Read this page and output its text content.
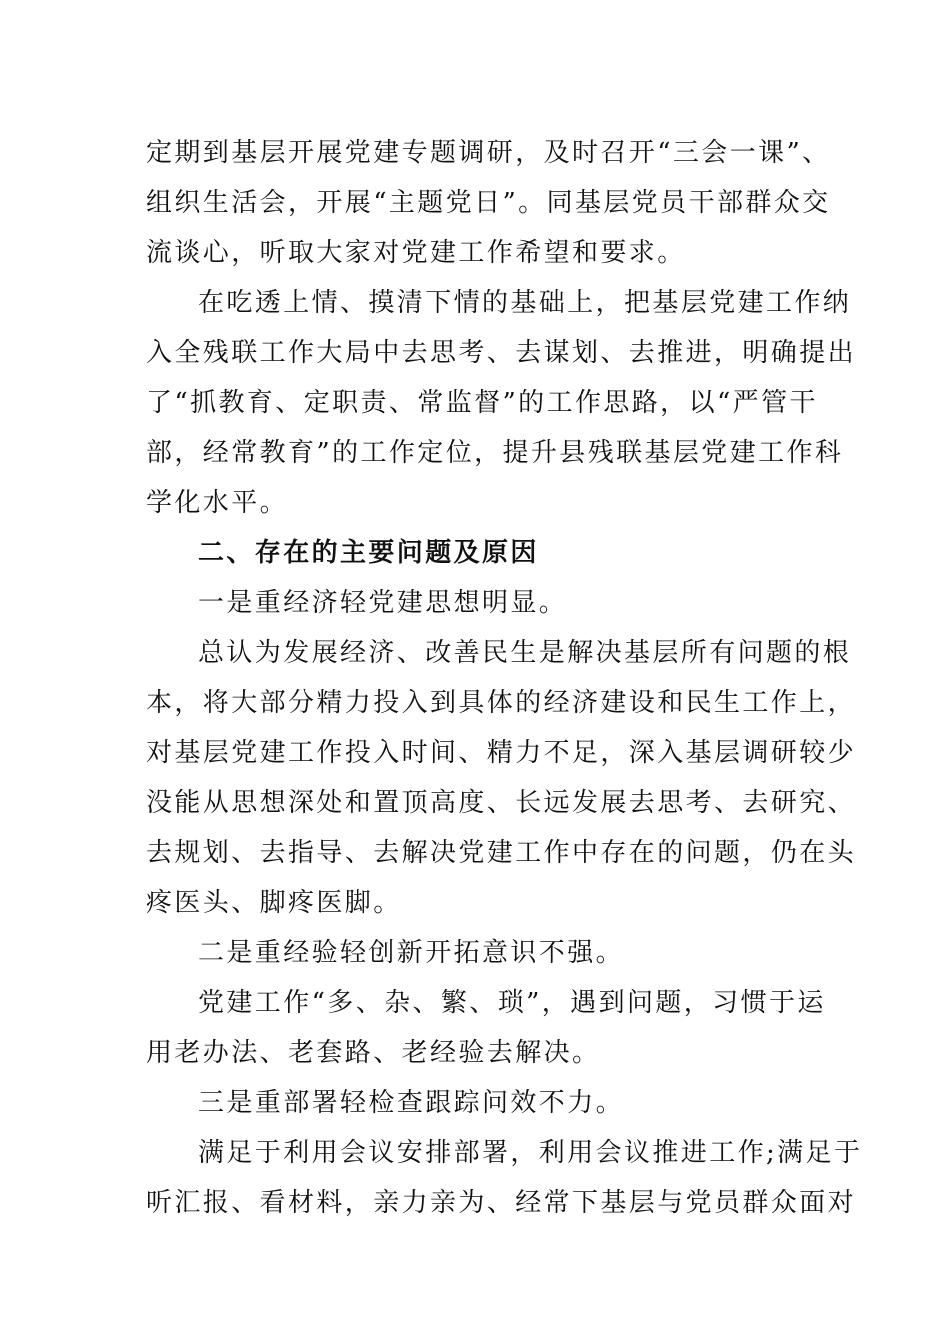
定期到基层开展党建专题调研，及时召开“三会一课”、
组织生活会，开展“主题党日”。同基层党员干部群众交
流谈心，听取大家对党建工作希望和要求。
在吃透上情、摸清下情的基础上，把基层党建工作纳
入全残联工作大局中去思考、去谋划、去推进，明确提出
了“抓教育、定职责、常监督”的工作思路，以“严管干
部，经常教育”的工作定位，提升县残联基层党建工作科
学化水平。
二、存在的主要问题及原因
一是重经济轻党建思想明显。
总认为发展经济、改善民生是解决基层所有问题的根
本，将大部分精力投入到具体的经济建设和民生工作上，
对基层党建工作投入时间、精力不足，深入基层调研较少
没能从思想深处和置顶高度、长远发展去思考、去研究、
去规划、去指导、去解决党建工作中存在的问题，仍在头
疼医头、脚疼医脚。
二是重经验轻创新开拓意识不强。
党建工作“多、杂、繁、琐”，遇到问题，习惯于运
用老办法、老套路、老经验去解决。
三是重部署轻检查跟踪问效不力。
满足于利用会议安排部署，利用会议推进工作;满足于
听汇报、看材料，亲力亲为、经常下基层与党员群众面对
